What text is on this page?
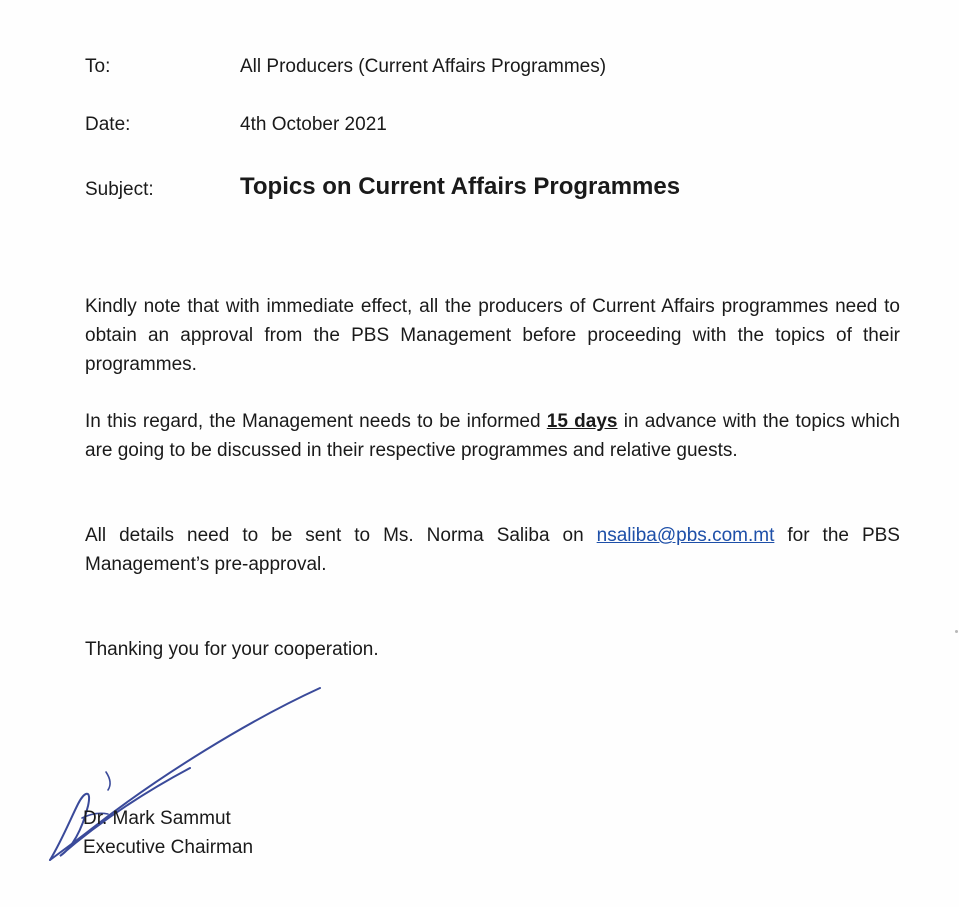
To:	All Producers (Current Affairs Programmes)
Date:	4th October 2021
Subject:	Topics on Current Affairs Programmes
Kindly note that with immediate effect, all the producers of Current Affairs programmes need to obtain an approval from the PBS Management before proceeding with the topics of their programmes.
In this regard, the Management needs to be informed 15 days in advance with the topics which are going to be discussed in their respective programmes and relative guests.
All details need to be sent to Ms. Norma Saliba on nsaliba@pbs.com.mt for the PBS Management’s pre-approval.
Thanking you for your cooperation.
Dr. Mark Sammut
Executive Chairman
